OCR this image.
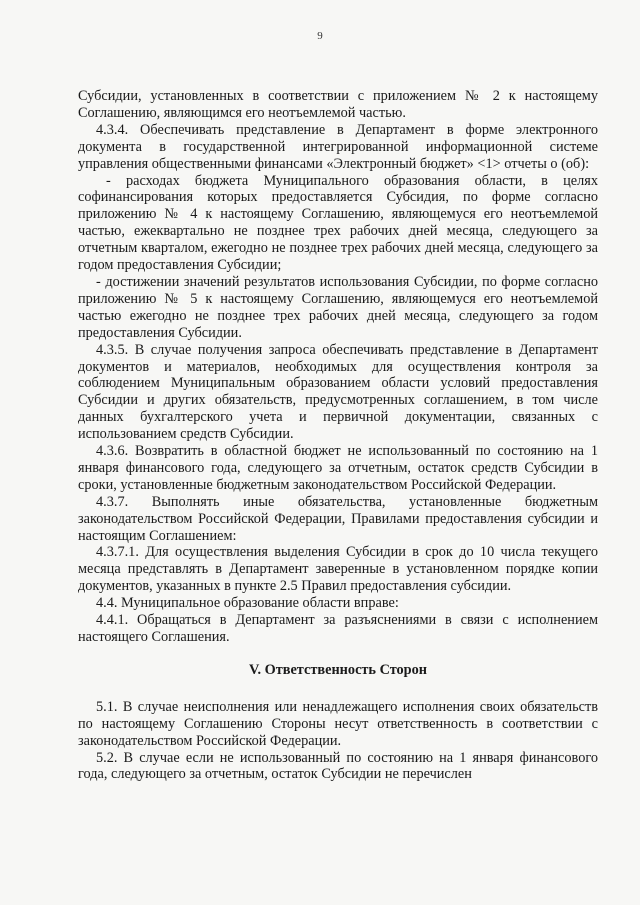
9

Субсидии, установленных в соответствии с приложением № 2 к настоящему Соглашению, являющимся его неотъемлемой частью.

4.3.4. Обеспечивать представление в Департамент в форме электронного документа в государственной интегрированной информационной системе управления общественными финансами «Электронный бюджет» <1> отчеты о (об):

- расходах бюджета Муниципального образования области, в целях софинансирования которых предоставляется Субсидия, по форме согласно приложению № 4 к настоящему Соглашению, являющемуся его неотъемлемой частью, ежеквартально не позднее трех рабочих дней месяца, следующего за отчетным кварталом, ежегодно не позднее трех рабочих дней месяца, следующего за годом предоставления Субсидии;

- достижении значений результатов использования Субсидии, по форме согласно приложению № 5 к настоящему Соглашению, являющемуся его неотъемлемой частью ежегодно не позднее трех рабочих дней месяца, следующего за годом предоставления Субсидии.

4.3.5. В случае получения запроса обеспечивать представление в Департамент документов и материалов, необходимых для осуществления контроля за соблюдением Муниципальным образованием области условий предоставления Субсидии и других обязательств, предусмотренных соглашением, в том числе данных бухгалтерского учета и первичной документации, связанных с использованием средств Субсидии.

4.3.6. Возвратить в областной бюджет не использованный по состоянию на 1 января финансового года, следующего за отчетным, остаток средств Субсидии в сроки, установленные бюджетным законодательством Российской Федерации.

4.3.7. Выполнять иные обязательства, установленные бюджетным законодательством Российской Федерации, Правилами предоставления субсидии и настоящим Соглашением:

4.3.7.1. Для осуществления выделения Субсидии в срок до 10 числа текущего месяца представлять в Департамент заверенные в установленном порядке копии документов, указанных в пункте 2.5 Правил предоставления субсидии.

4.4. Муниципальное образование области вправе:

4.4.1. Обращаться в Департамент за разъяснениями в связи с исполнением настоящего Соглашения.

V. Ответственность Сторон

5.1. В случае неисполнения или ненадлежащего исполнения своих обязательств по настоящему Соглашению Стороны несут ответственность в соответствии с законодательством Российской Федерации.

5.2. В случае если не использованный по состоянию на 1 января финансового года, следующего за отчетным, остаток Субсидии не перечислен
